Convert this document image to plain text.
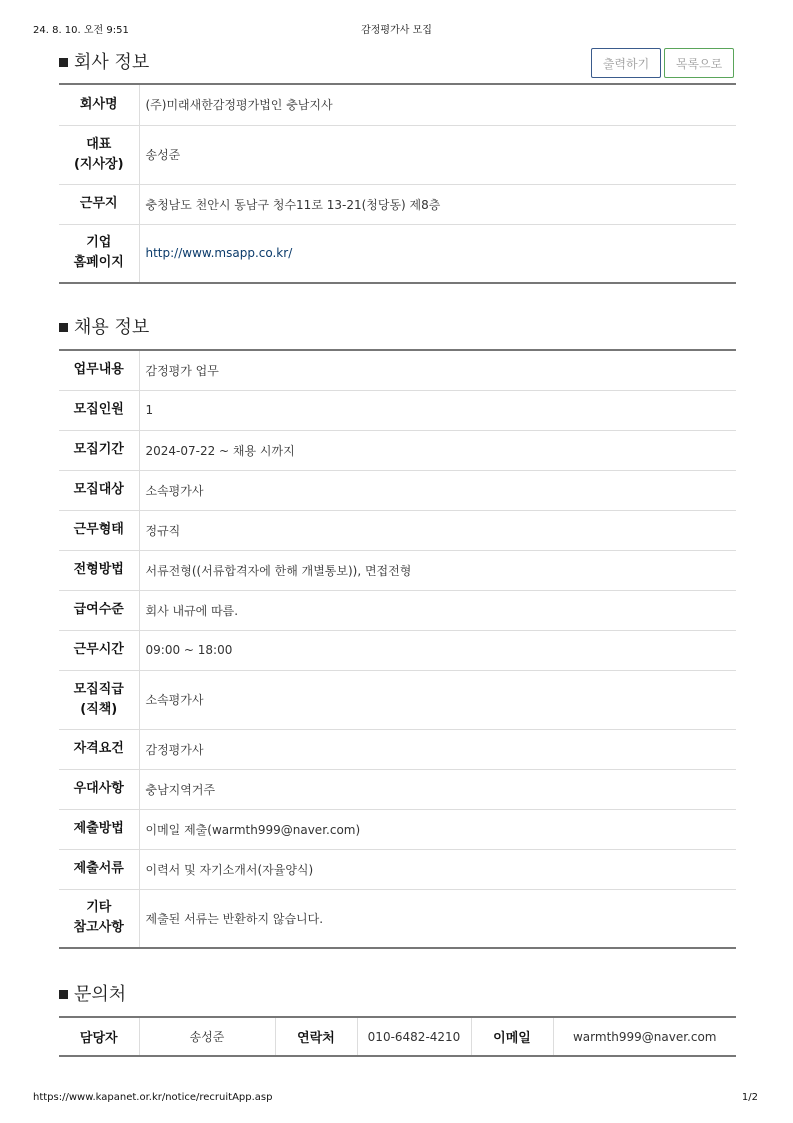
24. 8. 10. 오전 9:51	감정평가사 모집
회사 정보	출력하기	목록으로
회사명	(주)미래새한감정평가법인 충남지사
대표
(지사장)	송성준
근무지	충청남도 천안시 동남구 청수11로 13-21(청당동) 제8층
기업
홈페이지	http://www.msapp.co.kr/
채용 정보
업무내용	감정평가 업무
모집인원	1
모집기간	2024-07-22 ~ 채용 시까지
모집대상	소속평가사
근무형태	정규직
전형방법	서류전형((서류합격자에 한해 개별통보)), 면접전형
급여수준	회사 내규에 따름.
근무시간	09:00 ~ 18:00
모집직급
(직책)	소속평가사
자격요건	감정평가사
우대사항	충남지역거주
제출방법	이메일 제출(warmth999@naver.com)
제출서류	이력서 및 자기소개서(자율양식)
기타
참고사항	제출된 서류는 반환하지 않습니다.
문의처
담당자	송성준	연락처	010-6482-4210	이메일	warmth999@naver.com
https://www.kapanet.or.kr/notice/recruitApp.asp	1/2
